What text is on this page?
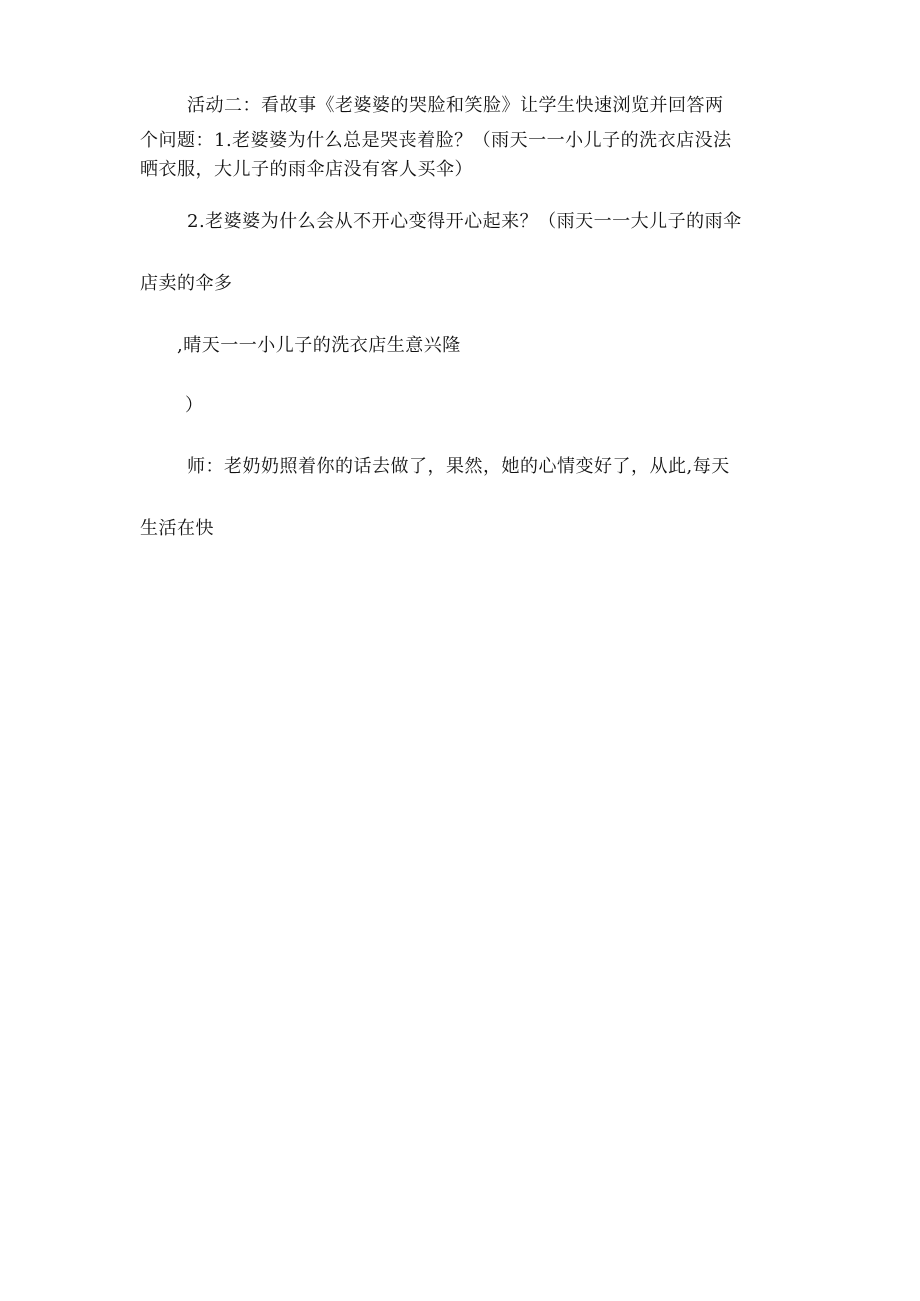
活动二：看故事《老婆婆的哭脸和笑脸》让学生快速浏览并回答两
个问题：1.老婆婆为什么总是哭丧着脸？（雨天一一小儿子的洗衣店没法
晒衣服，大儿子的雨伞店没有客人买伞）
2.老婆婆为什么会从不开心变得开心起来？（雨天一一大儿子的雨伞
店卖的伞多
,晴天一一小儿子的洗衣店生意兴隆
）
师：老奶奶照着你的话去做了，果然，她的心情变好了，从此,每天
生活在快
